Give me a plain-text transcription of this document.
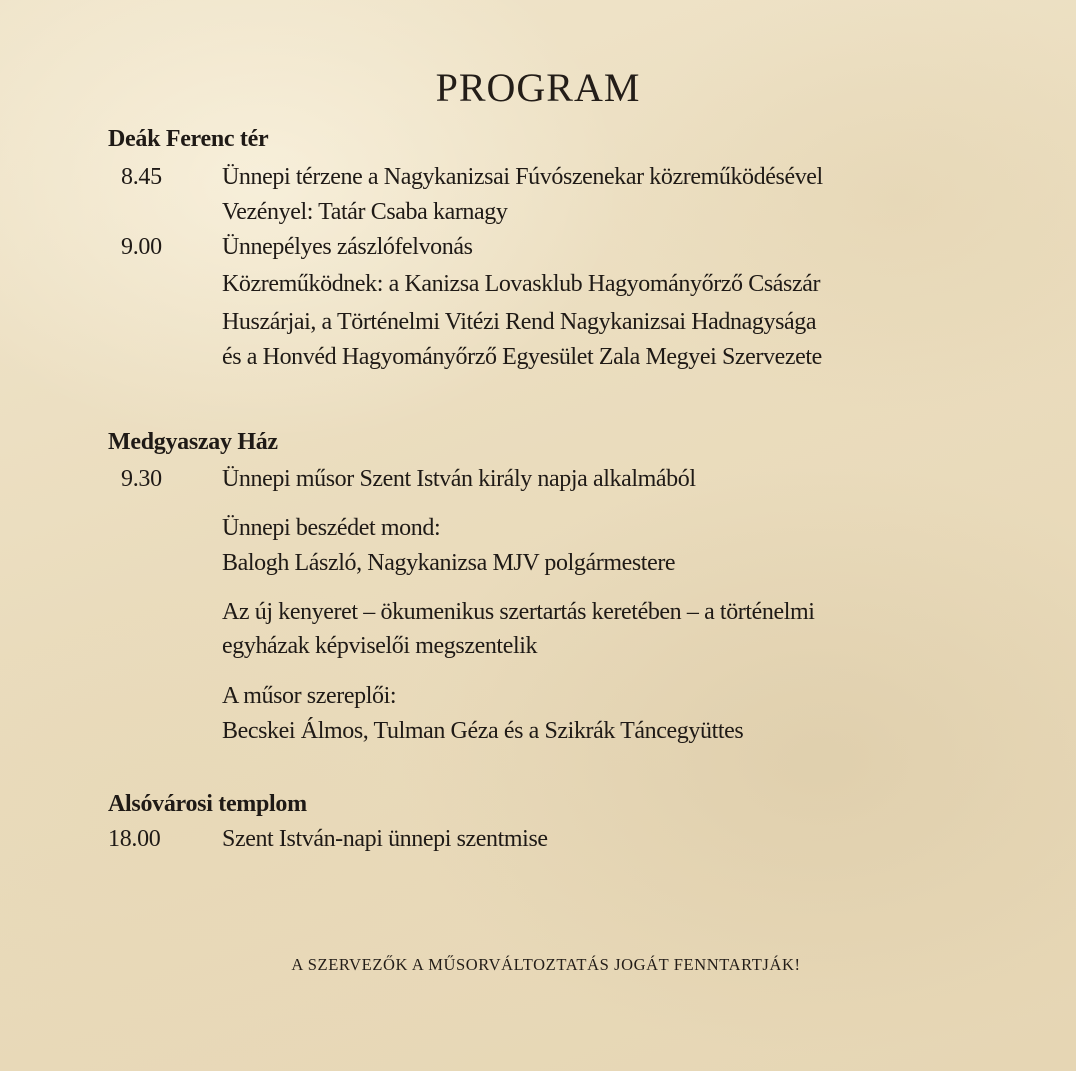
PROGRAM
Deák Ferenc tér
8.45	Ünnepi térzene a Nagykanizsai Fúvószenekar közreműködésével
Vezényel: Tatár Csaba karnagy
9.00	Ünnepélyes zászlófelvonás
Közreműködnek: a Kanizsa Lovasklub Hagyományőrző Császár
Huszárjai, a Történelmi Vitézi Rend Nagykanizsai Hadnagysága
és a Honvéd Hagyományőrző Egyesület Zala Megyei Szervezete
Medgyaszay Ház
9.30	Ünnepi műsor Szent István király napja alkalmából
Ünnepi beszédet mond:
Balogh László, Nagykanizsa MJV polgármestere
Az új kenyeret – ökumenikus szertartás keretében – a történelmi
egyházak képviselői megszentelik
A műsor szereplői:
Becskei Álmos, Tulman Géza és a Szikrák Táncegyüttes
Alsóvárosi templom
18.00	Szent István-napi ünnepi szentmise
A SZERVEZŐK A MŰSORVÁLTOZTATÁS JOGÁT FENNTARTJÁK!
